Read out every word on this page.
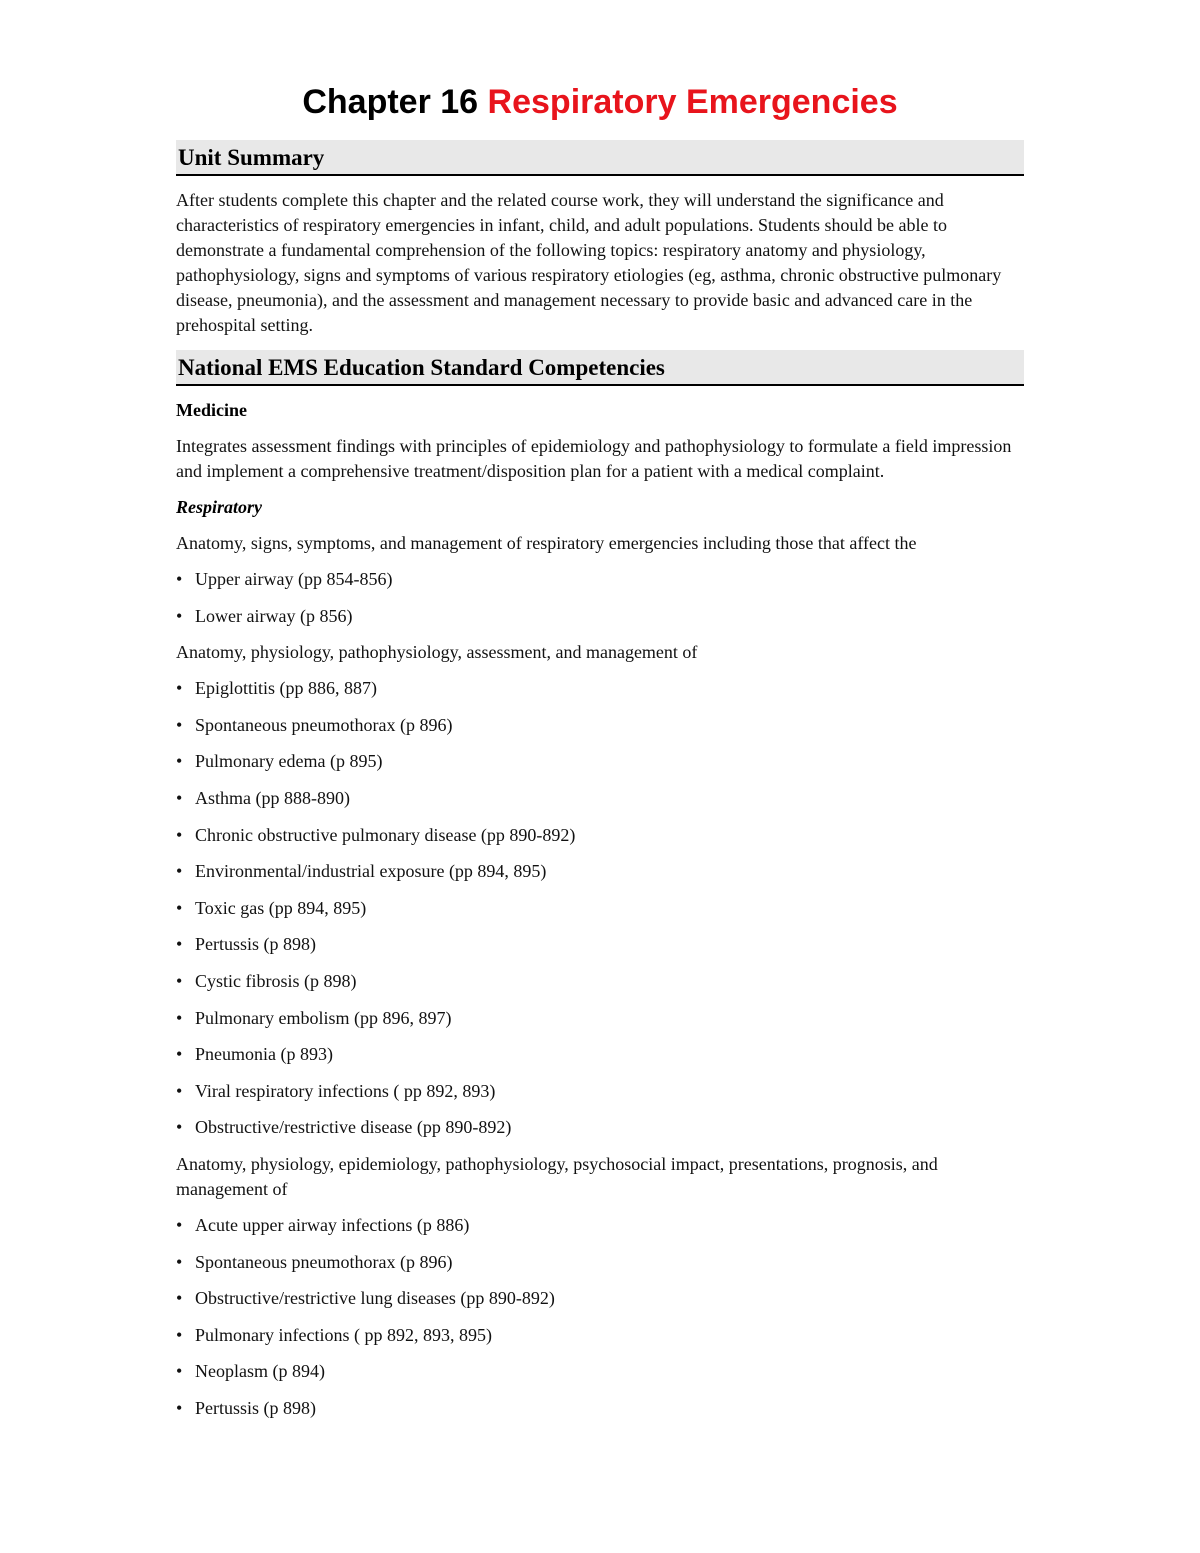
Chapter 16 Respiratory Emergencies
Unit Summary

After students complete this chapter and the related course work, they will understand the significance and characteristics of respiratory emergencies in infant, child, and adult populations. Students should be able to demonstrate a fundamental comprehension of the following topics: respiratory anatomy and physiology, pathophysiology, signs and symptoms of various respiratory etiologies (eg, asthma, chronic obstructive pulmonary disease, pneumonia), and the assessment and management necessary to provide basic and advanced care in the prehospital setting.

National EMS Education Standard Competencies
Medicine

Integrates assessment findings with principles of epidemiology and pathophysiology to formulate a field impression and implement a comprehensive treatment/disposition plan for a patient with a medical complaint.

Respiratory

Anatomy, signs, symptoms, and management of respiratory emergencies including those that affect the

• Upper airway (pp 854-856)
• Lower airway (p 856)

Anatomy, physiology, pathophysiology, assessment, and management of

• Epiglottitis (pp 886, 887)
• Spontaneous pneumothorax (p 896)
• Pulmonary edema (p 895)
• Asthma (pp 888-890)
• Chronic obstructive pulmonary disease (pp 890-892)
• Environmental/industrial exposure (pp 894, 895)
• Toxic gas (pp 894, 895)
• Pertussis (p 898)
• Cystic fibrosis (p 898)
• Pulmonary embolism (pp 896, 897)
• Pneumonia (p 893)
• Viral respiratory infections ( pp 892, 893)
• Obstructive/restrictive disease (pp 890-892)

Anatomy, physiology, epidemiology, pathophysiology, psychosocial impact, presentations, prognosis, and management of

• Acute upper airway infections (p 886)
• Spontaneous pneumothorax (p 896)
• Obstructive/restrictive lung diseases (pp 890-892)
• Pulmonary infections ( pp 892, 893, 895)
• Neoplasm (p 894)
• Pertussis (p 898)
